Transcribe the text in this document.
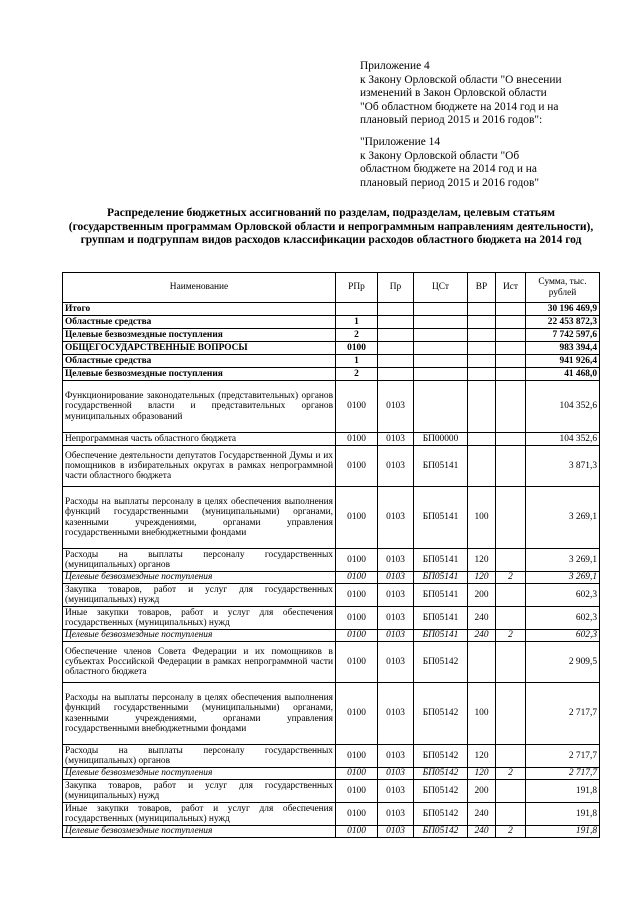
Приложение 4
к Закону Орловской области "О внесении
изменений в Закон Орловской области
"Об областном бюджете на 2014 год и на
плановый период 2015 и 2016 годов":
"Приложение 14
к Закону Орловской области "Об
областном бюджете на 2014 год и на
плановый период 2015 и 2016 годов"
Распределение бюджетных ассигнований по разделам, подразделам, целевым статьям (государственным программам Орловской области и непрограммным направлениям деятельности), группам и подгруппам видов расходов классификации расходов областного бюджета на 2014 год
Наименование	РПр	Пр	ЦСт	ВР	Ист	Сумма, тыс. рублей
Итого						30 196 469,9
Областные средства	1					22 453 872,3
Целевые безвозмездные поступления	2					7 742 597,6
ОБЩЕГОСУДАРСТВЕННЫЕ ВОПРОСЫ	0100					983 394,4
Областные средства	1					941 926,4
Целевые безвозмездные поступления	2					41 468,0
Функционирование законодательных (представительных) органов государственной власти и представительных органов муниципальных образований	0100	0103				104 352,6
Непрограммная часть областного бюджета	0100	0103	БП00000			104 352,6
Обеспечение деятельности депутатов Государственной Думы и их помощников в избирательных округах в рамках непрограммной части областного бюджета	0100	0103	БП05141			3 871,3
Расходы на выплаты персоналу в целях обеспечения выполнения функций государственными (муниципальными) органами, казенными учреждениями, органами управления государственными внебюджетными фондами	0100	0103	БП05141	100		3 269,1
Расходы на выплаты персоналу государственных (муниципальных) органов	0100	0103	БП05141	120		3 269,1
Целевые безвозмездные поступления	0100	0103	БП05141	120	2	3 269,1
Закупка товаров, работ и услуг для государственных (муниципальных) нужд	0100	0103	БП05141	200		602,3
Иные закупки товаров, работ и услуг для обеспечения государственных (муниципальных) нужд	0100	0103	БП05141	240		602,3
Целевые безвозмездные поступления	0100	0103	БП05141	240	2	602,3
Обеспечение членов Совета Федерации и их помощников в субъектах Российской Федерации в рамках непрограммной части областного бюджета	0100	0103	БП05142			2 909,5
Расходы на выплаты персоналу в целях обеспечения выполнения функций государственными (муниципальными) органами, казенными учреждениями, органами управления государственными внебюджетными фондами	0100	0103	БП05142	100		2 717,7
Расходы на выплаты персоналу государственных (муниципальных) органов	0100	0103	БП05142	120		2 717,7
Целевые безвозмездные поступления	0100	0103	БП05142	120	2	2 717,7
Закупка товаров, работ и услуг для государственных (муниципальных) нужд	0100	0103	БП05142	200		191,8
Иные закупки товаров, работ и услуг для обеспечения государственных (муниципальных) нужд	0100	0103	БП05142	240		191,8
Целевые безвозмездные поступления	0100	0103	БП05142	240	2	191,8
